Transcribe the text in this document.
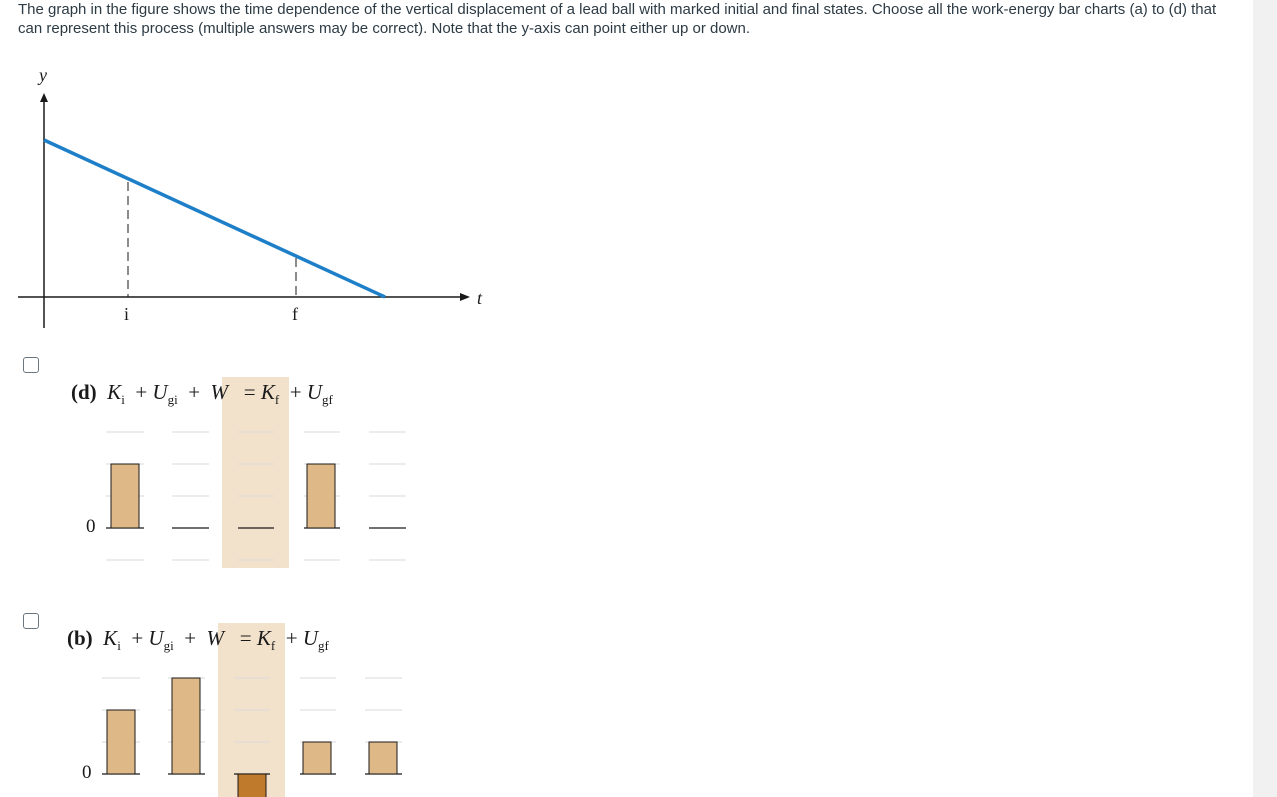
The graph in the figure shows the time dependence of the vertical displacement of a lead ball with marked initial and final states. Choose all the work-energy bar charts (a) to (d) that can represent this process (multiple answers may be correct). Note that the y-axis can point either up or down.
y
t
i	f
(d) $K_i + U_{gi} + W = K_f + U_{gf}$
0
(b) $K_i + U_{gi} + W = K_f + U_{gf}$
0
